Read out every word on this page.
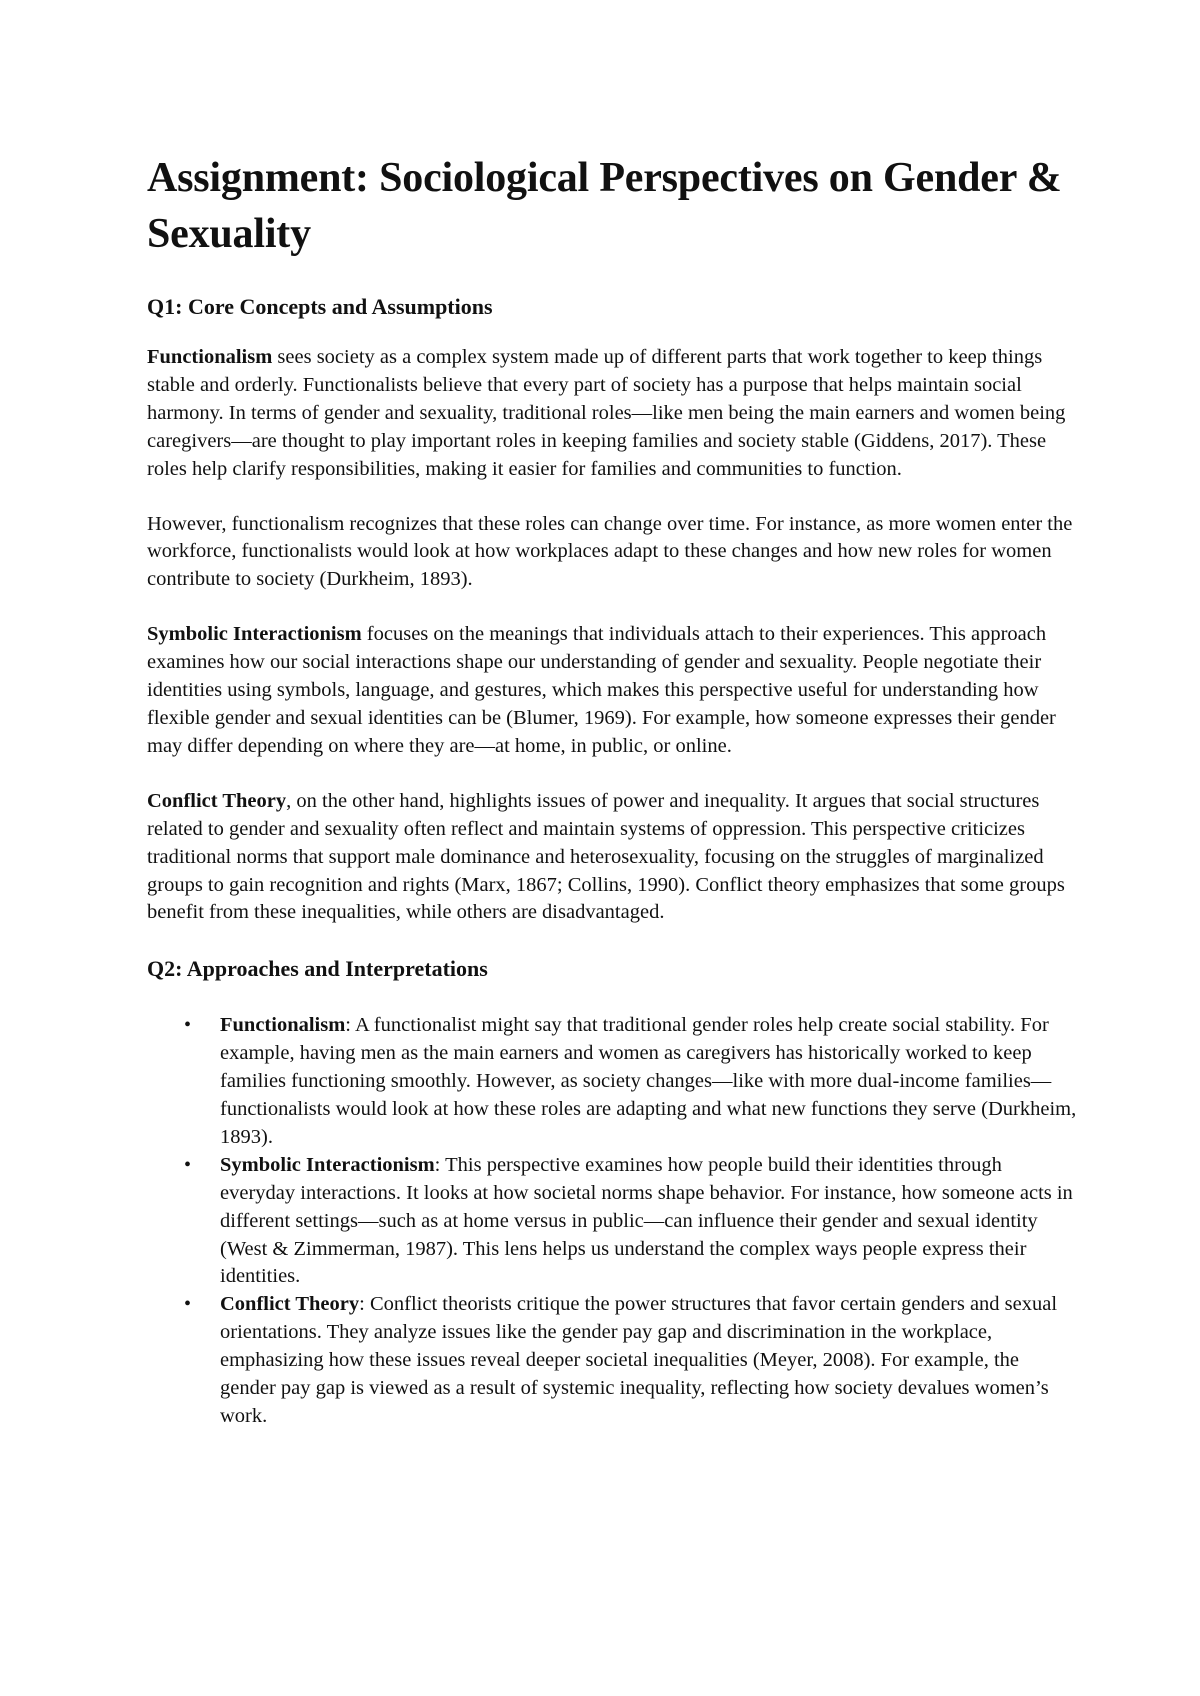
Assignment: Sociological Perspectives on Gender & Sexuality
Q1: Core Concepts and Assumptions

Functionalism sees society as a complex system made up of different parts that work together to keep things stable and orderly. Functionalists believe that every part of society has a purpose that helps maintain social harmony. In terms of gender and sexuality, traditional roles—like men being the main earners and women being caregivers—are thought to play important roles in keeping families and society stable (Giddens, 2017). These roles help clarify responsibilities, making it easier for families and communities to function.

However, functionalism recognizes that these roles can change over time. For instance, as more women enter the workforce, functionalists would look at how workplaces adapt to these changes and how new roles for women contribute to society (Durkheim, 1893).

Symbolic Interactionism focuses on the meanings that individuals attach to their experiences. This approach examines how our social interactions shape our understanding of gender and sexuality. People negotiate their identities using symbols, language, and gestures, which makes this perspective useful for understanding how flexible gender and sexual identities can be (Blumer, 1969). For example, how someone expresses their gender may differ depending on where they are—at home, in public, or online.

Conflict Theory, on the other hand, highlights issues of power and inequality. It argues that social structures related to gender and sexuality often reflect and maintain systems of oppression. This perspective criticizes traditional norms that support male dominance and heterosexuality, focusing on the struggles of marginalized groups to gain recognition and rights (Marx, 1867; Collins, 1990). Conflict theory emphasizes that some groups benefit from these inequalities, while others are disadvantaged.

Q2: Approaches and Interpretations
• Functionalism: A functionalist might say that traditional gender roles help create social stability. For example, having men as the main earners and women as caregivers has historically worked to keep families functioning smoothly. However, as society changes—like with more dual-income families—functionalists would look at how these roles are adapting and what new functions they serve (Durkheim, 1893).
• Symbolic Interactionism: This perspective examines how people build their identities through everyday interactions. It looks at how societal norms shape behavior. For instance, how someone acts in different settings—such as at home versus in public—can influence their gender and sexual identity (West & Zimmerman, 1987). This lens helps us understand the complex ways people express their identities.
• Conflict Theory: Conflict theorists critique the power structures that favor certain genders and sexual orientations. They analyze issues like the gender pay gap and discrimination in the workplace, emphasizing how these issues reveal deeper societal inequalities (Meyer, 2008). For example, the gender pay gap is viewed as a result of systemic inequality, reflecting how society devalues women’s work.
